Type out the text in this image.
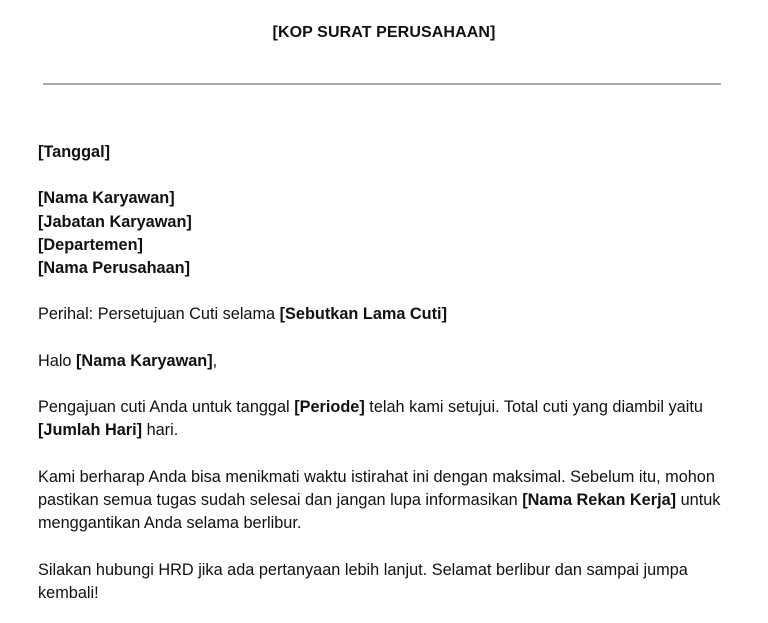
[KOP SURAT PERUSAHAAN]

[Tanggal]

[Nama Karyawan]

[Jabatan Karyawan]

[Departemen]

[Nama Perusahaan]

Perihal: Persetujuan Cuti selama [Sebutkan Lama Cuti]

Halo [Nama Karyawan],

Pengajuan cuti Anda untuk tanggal [Periode] telah kami setujui. Total cuti yang diambil yaitu [Jumlah Hari] hari.

Kami berharap Anda bisa menikmati waktu istirahat ini dengan maksimal. Sebelum itu, mohon pastikan semua tugas sudah selesai dan jangan lupa informasikan [Nama Rekan Kerja] untuk menggantikan Anda selama berlibur.

Silakan hubungi HRD jika ada pertanyaan lebih lanjut. Selamat berlibur dan sampai jumpa kembali!
